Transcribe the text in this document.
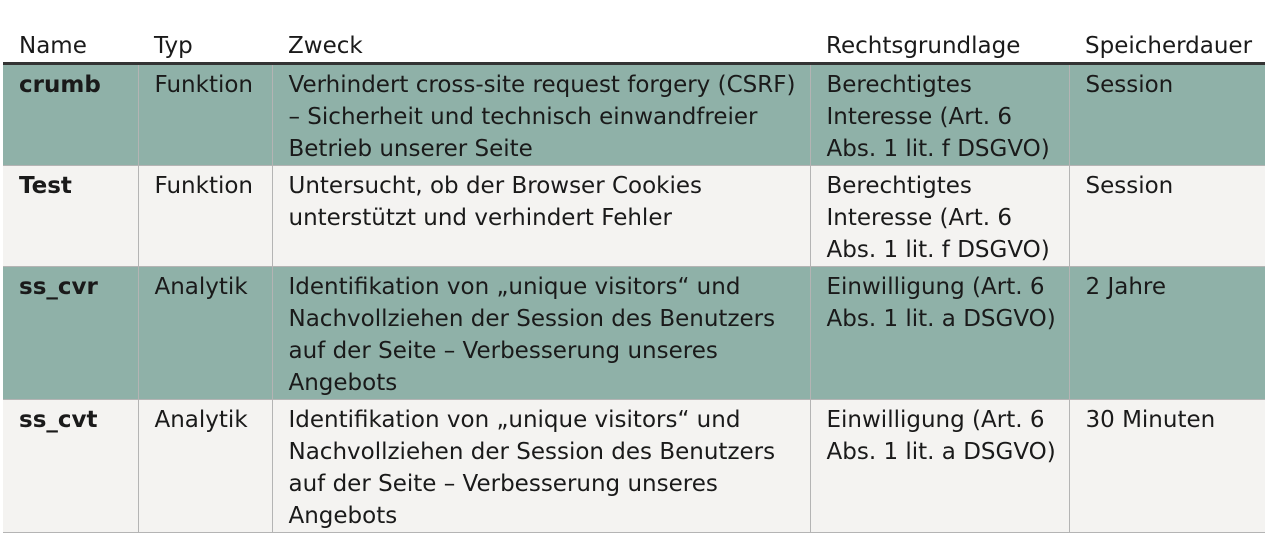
Name	Typ	Zweck	Rechtsgrundlage	Speicherdauer
crumb	Funktion	Verhindert cross-site request forgery (CSRF)
– Sicherheit und technisch einwandfreier
Betrieb unserer Seite	Berechtigtes
Interesse (Art. 6
Abs. 1 lit. f DSGVO)	Session
Test	Funktion	Untersucht, ob der Browser Cookies
unterstützt und verhindert Fehler	Berechtigtes
Interesse (Art. 6
Abs. 1 lit. f DSGVO)	Session
ss_cvr	Analytik	Identifikation von „unique visitors“ und
Nachvollziehen der Session des Benutzers
auf der Seite – Verbesserung unseres
Angebots	Einwilligung (Art. 6
Abs. 1 lit. a DSGVO)	2 Jahre
ss_cvt	Analytik	Identifikation von „unique visitors“ und
Nachvollziehen der Session des Benutzers
auf der Seite – Verbesserung unseres
Angebots	Einwilligung (Art. 6
Abs. 1 lit. a DSGVO)	30 Minuten
